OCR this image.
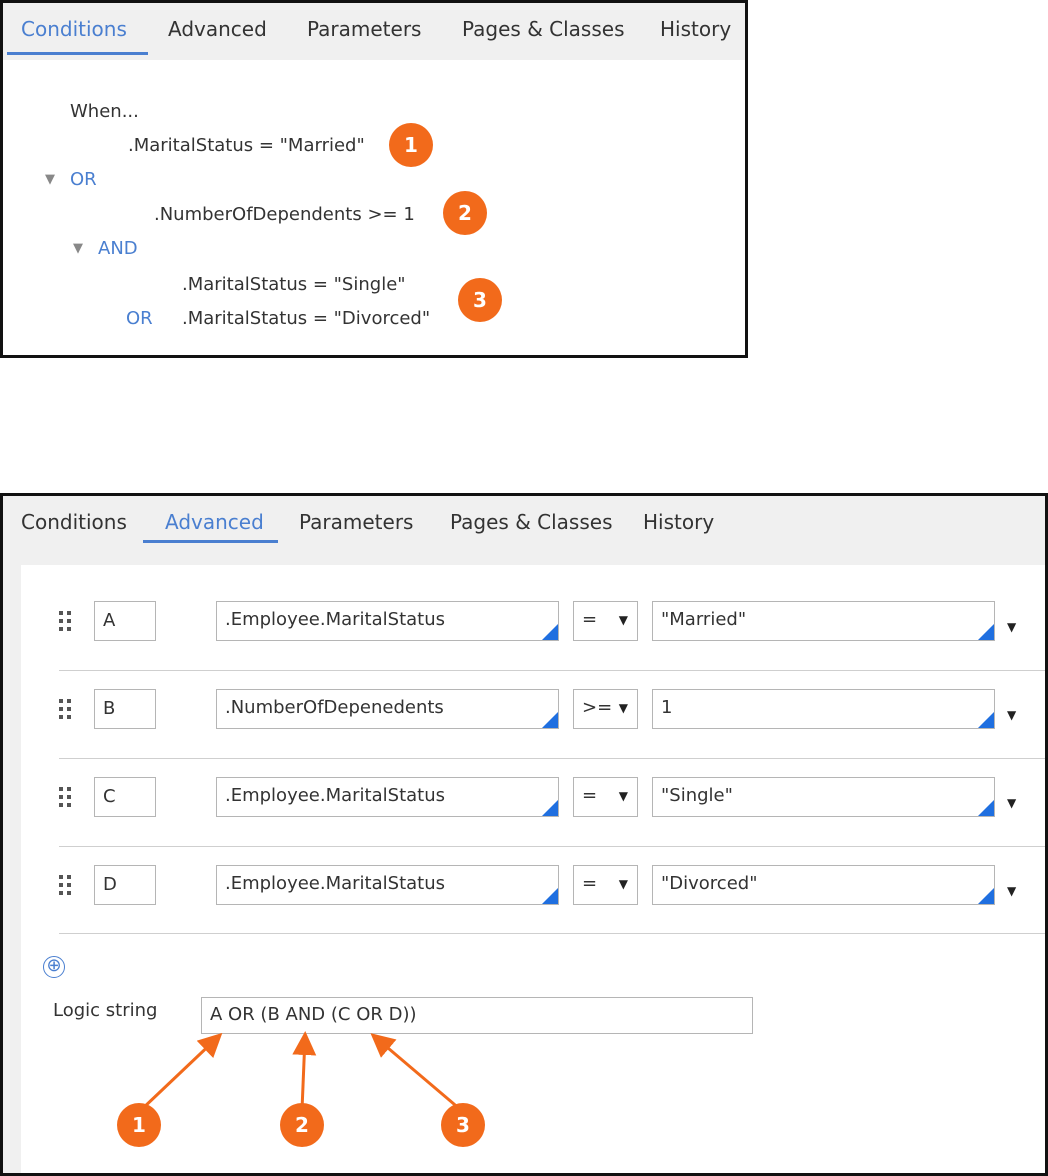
Conditions Advanced Parameters Pages & Classes History
When...
.MaritalStatus = "Married"	1
▼ OR
.NumberOfDependents >= 1	2
▼ AND
.MaritalStatus = "Single"
OR .MaritalStatus = "Divorced"
3
Conditions Advanced Parameters Pages & Classes History
A	.Employee.MaritalStatus	= ▼	"Married"	▼
B	.NumberOfDepenedents	>= ▼	1	▼
C	.Employee.MaritalStatus	= ▼	"Single"	▼
D	.Employee.MaritalStatus	= ▼	"Divorced"	▼
⊕
Logic string	A OR (B AND (C OR D))
1	2	3
